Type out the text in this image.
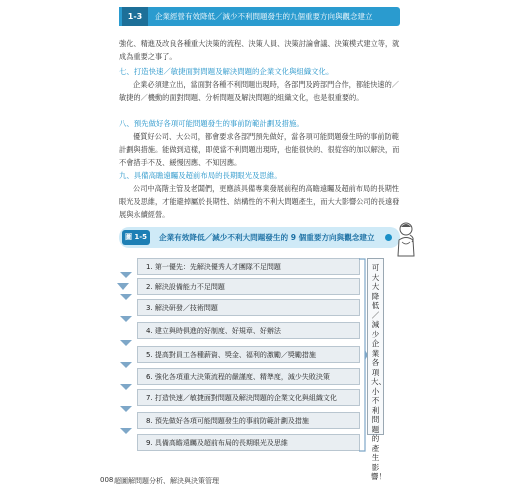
1-3	企業經營有效降低／減少不利問題發生的九個重要方向與觀念建立
強化、精進及改良各種重大決策的流程、決策人員、決策討論會議、決策模式建立等，就成為重要之事了。
七、打造快速／敏捷面對問題及解決問題的企業文化與組織文化。
企業必須建立出，當面對各種不利問題出現時，各部門及跨部門合作，都能快速的／敏捷的／機動的面對問題、分析問題及解決問題的組織文化，也是很重要的。
八、預先做好各項可能問題發生的事前防範計劃及措施。
優質好公司、大公司，都會要求各部門預先做好，當各項可能問題發生時的事前防範計劃與措施。能做到這樣，即使當不利問題出現時，也能很快的、很從容的加以解決，而不會措手不及、緩慢因應、不知因應。
九、具備高瞻遠矚及超前布局的長期眼光及思維。
公司中高階主管及老闆們，更應該具備專業發展前程的高瞻遠矚及超前布局的長期性眼光及思維，才能避掉屬於長期性、結構性的不利大問題產生，而大大影響公司的長遠發展與永續經營。
圖 1-5	企業有效降低／減少不利大問題發生的 9 個重要方向與觀念建立
1. 第一優先：先解決優秀人才團隊不足問題
2. 解決設備能力不足問題
3. 解決研發／技術問題
4. 建立與時俱進的好制度、好規章、好辦法
5. 提高對員工各種薪資、獎金、福利的激勵／獎勵措施
6. 強化各項重大決策流程的嚴謹度、精準度，減少失敗決策
7. 打造快速／敏捷面對問題及解決問題的企業文化與組織文化
8. 預先做好各項可能問題發生的事前防範計劃及措施
9. 具備高瞻遠矚及超前布局的長期眼光及思維
可大大降低／減少企業各項大、小不利問題的產生影響！
008 超圖解問題分析、解決與決策管理
